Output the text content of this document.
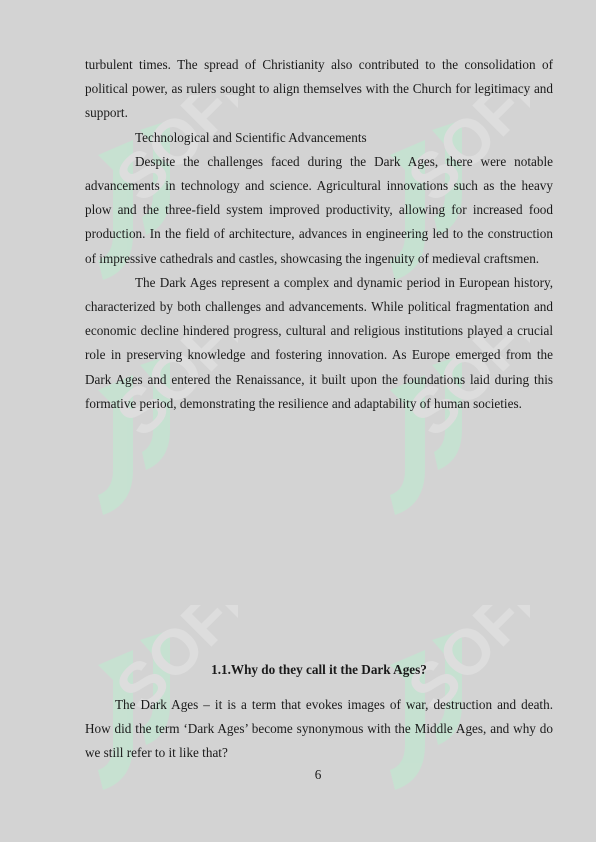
SOFF SOFF
SOFF SOFF
SOFF SOFF

turbulent times. The spread of Christianity also contributed to the consolidation of political power, as rulers sought to align themselves with the Church for legitimacy and support.

Technological and Scientific Advancements

Despite the challenges faced during the Dark Ages, there were notable advancements in technology and science. Agricultural innovations such as the heavy plow and the three-field system improved productivity, allowing for increased food production. In the field of architecture, advances in engineering led to the construction of impressive cathedrals and castles, showcasing the ingenuity of medieval craftsmen.

The Dark Ages represent a complex and dynamic period in European history, characterized by both challenges and advancements. While political fragmentation and economic decline hindered progress, cultural and religious institutions played a crucial role in preserving knowledge and fostering innovation. As Europe emerged from the Dark Ages and entered the Renaissance, it built upon the foundations laid during this formative period, demonstrating the resilience and adaptability of human societies.

1.1.Why do they call it the Dark Ages?

The Dark Ages – it is a term that evokes images of war, destruction and death. How did the term ‘Dark Ages’ become synonymous with the Middle Ages, and why do we still refer to it like that?

6
